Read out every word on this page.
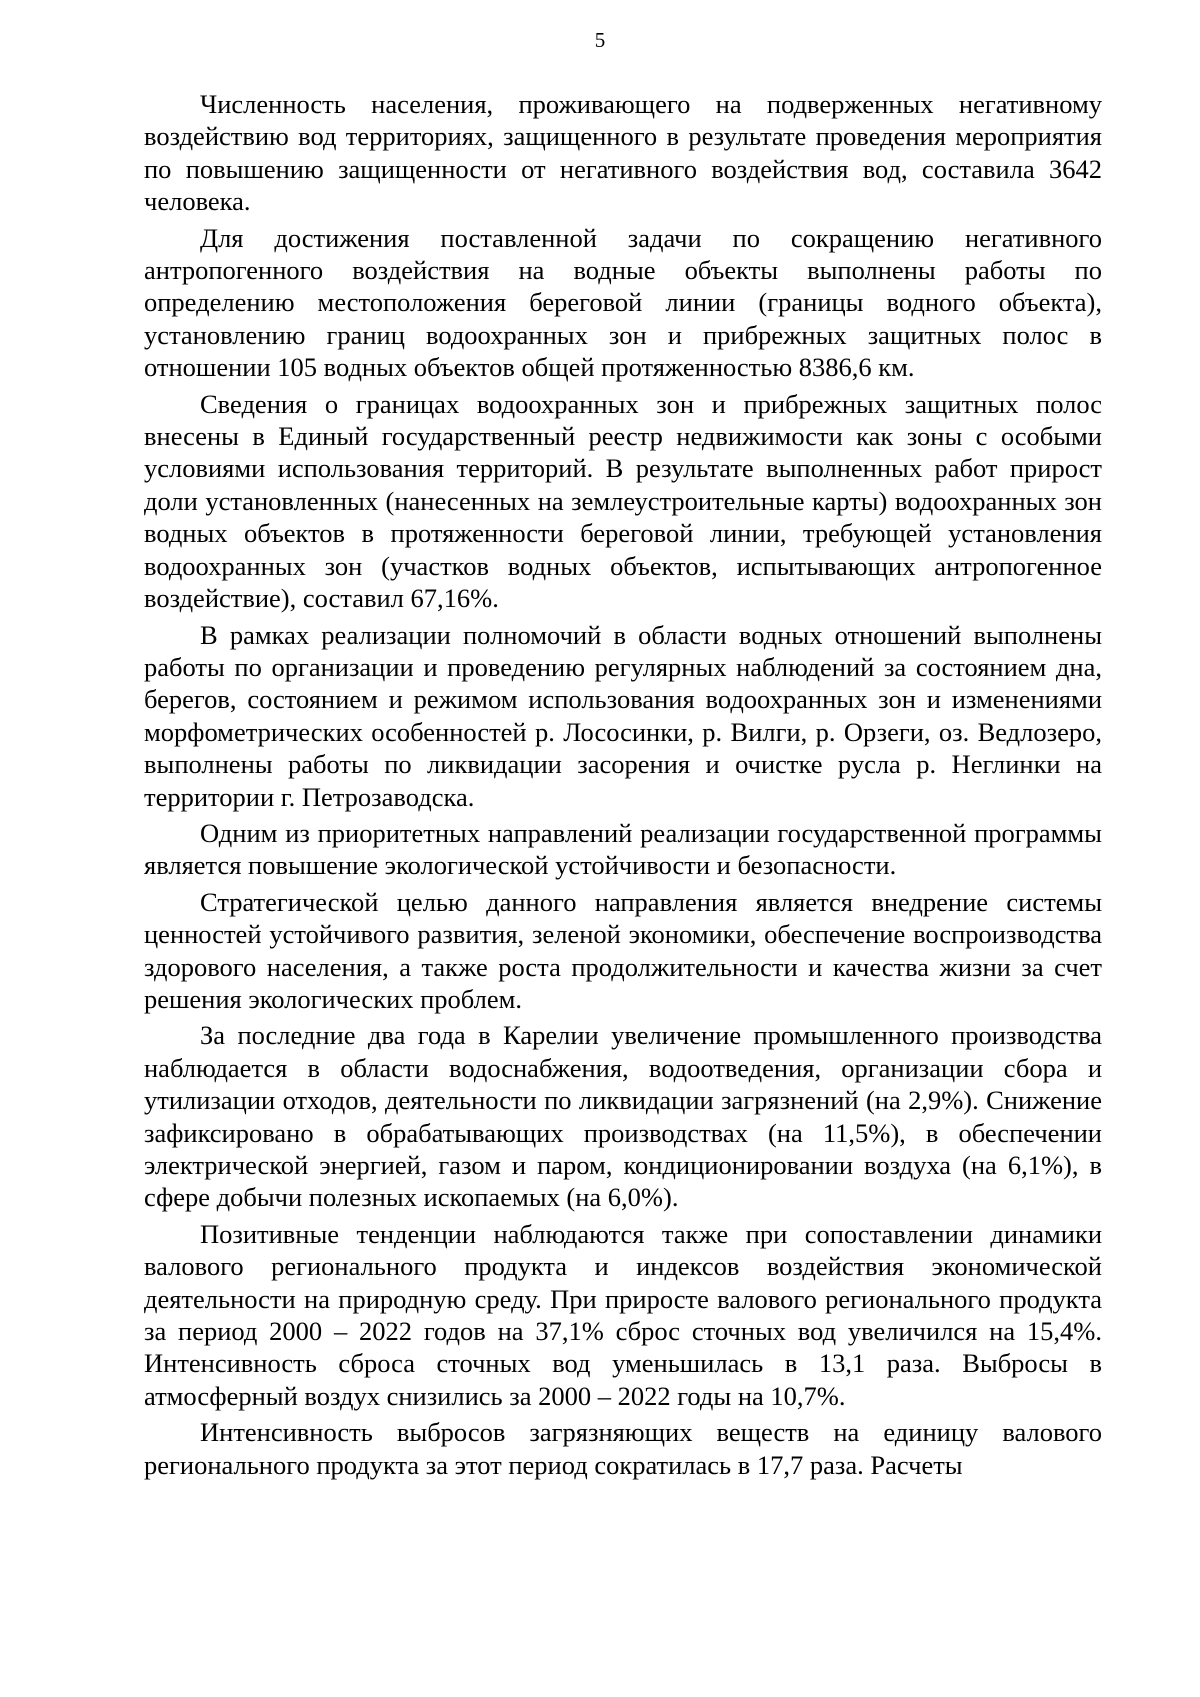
5

Численность населения, проживающего на подверженных негативному воздействию вод территориях, защищенного в результате проведения мероприятия по повышению защищенности от негативного воздействия вод, составила 3642 человека.

Для достижения поставленной задачи по сокращению негативного антропогенного воздействия на водные объекты выполнены работы по определению местоположения береговой линии (границы водного объекта), установлению границ водоохранных зон и прибрежных защитных полос в отношении 105 водных объектов общей протяженностью 8386,6 км.

Сведения о границах водоохранных зон и прибрежных защитных полос внесены в Единый государственный реестр недвижимости как зоны с особыми условиями использования территорий. В результате выполненных работ прирост доли установленных (нанесенных на землеустроительные карты) водоохранных зон водных объектов в протяженности береговой линии, требующей установления водоохранных зон (участков водных объектов, испытывающих антропогенное воздействие), составил 67,16%.

В рамках реализации полномочий в области водных отношений выполнены работы по организации и проведению регулярных наблюдений за состоянием дна, берегов, состоянием и режимом использования водоохранных зон и изменениями морфометрических особенностей р. Лососинки, р. Вилги, р. Орзеги, оз. Ведлозеро, выполнены работы по ликвидации засорения и очистке русла р. Неглинки на территории г. Петрозаводска.

Одним из приоритетных направлений реализации государственной программы является повышение экологической устойчивости и безопасности.

Стратегической целью данного направления является внедрение системы ценностей устойчивого развития, зеленой экономики, обеспечение воспроизводства здорового населения, а также роста продолжительности и качества жизни за счет решения экологических проблем.

За последние два года в Карелии увеличение промышленного производства наблюдается в области водоснабжения, водоотведения, организации сбора и утилизации отходов, деятельности по ликвидации загрязнений (на 2,9%). Снижение зафиксировано в обрабатывающих производствах (на 11,5%), в обеспечении электрической энергией, газом и паром, кондиционировании воздуха (на 6,1%), в сфере добычи полезных ископаемых (на 6,0%).

Позитивные тенденции наблюдаются также при сопоставлении динамики валового регионального продукта и индексов воздействия экономической деятельности на природную среду. При приросте валового регионального продукта за период 2000 – 2022 годов на 37,1% сброс сточных вод увеличился на 15,4%. Интенсивность сброса сточных вод уменьшилась в 13,1 раза. Выбросы в атмосферный воздух снизились за 2000 – 2022 годы на 10,7%.

Интенсивность выбросов загрязняющих веществ на единицу валового регионального продукта за этот период сократилась в 17,7 раза. Расчеты
